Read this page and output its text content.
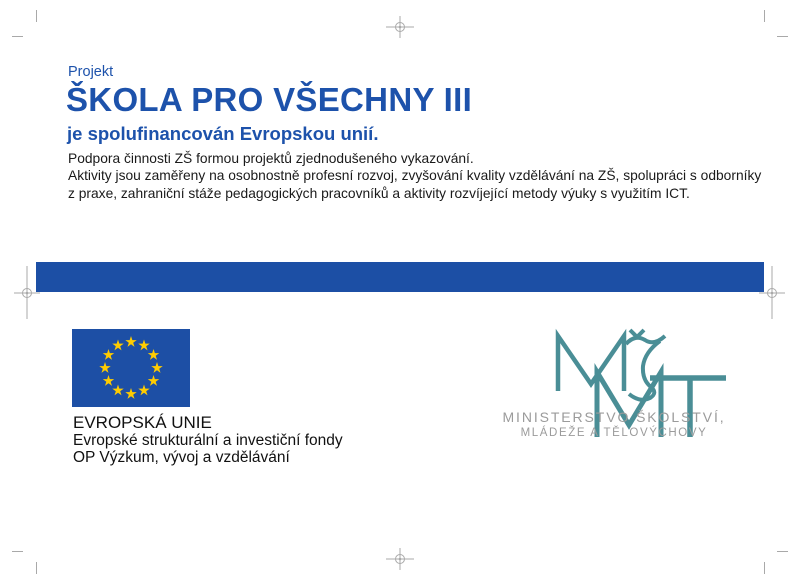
Projekt
ŠKOLA PRO VŠECHNY III
je spolufinancován Evropskou unií.
Podpora činnosti ZŠ formou projektů zjednodušeného vykazování.
Aktivity jsou zaměřeny na osobnostně profesní rozvoj, zvyšování kvality vzdělávání na ZŠ, spolupráci s odborníky
z praxe, zahraniční stáže pedagogických pracovníků a aktivity rozvíjející metody výuky s využitím ICT.
EVROPSKÁ UNIE
Evropské strukturální a investiční fondy
OP Výzkum, vývoj a vzdělávání
MINISTERSTVO ŠKOLSTVÍ,
MLÁDEŽE A TĚLOVÝCHOVY
